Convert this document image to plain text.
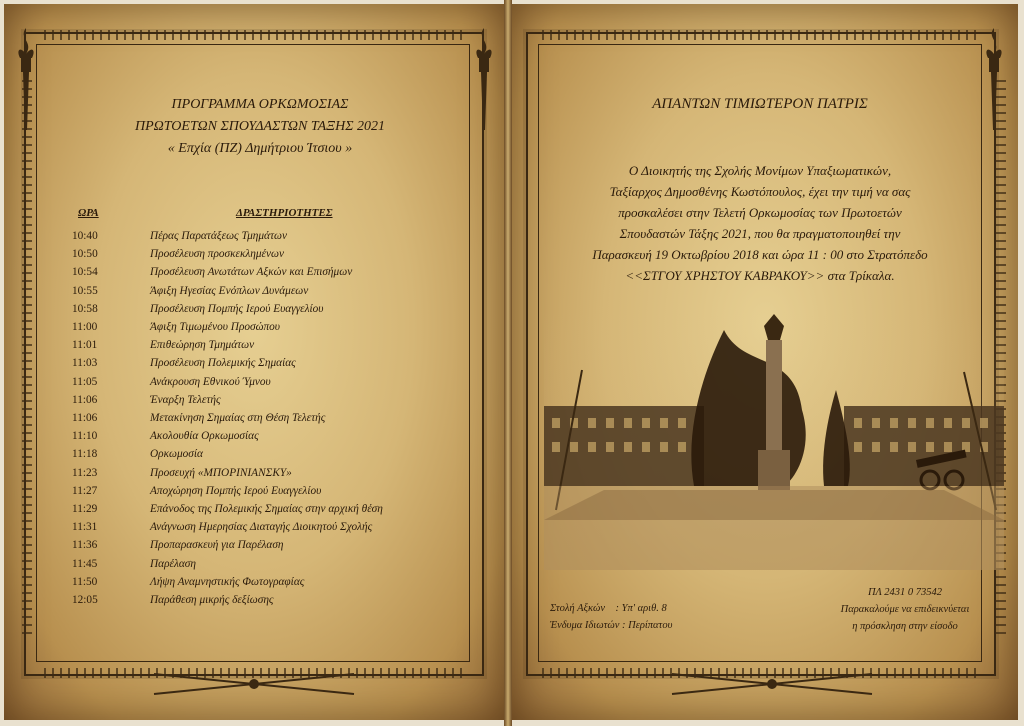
ΠΡΟΓΡΑΜΜΑ ΟΡΚΩΜΟΣΙΑΣ
ΠΡΩΤΟΕΤΩΝ ΣΠΟΥΔΑΣΤΩΝ ΤΑΞΗΣ 2021
« Επχία (ΠΖ) Δημήτριου Ίτσιου »
ΩΡΑ	ΔΡΑΣΤΗΡΙΟΤΗΤΕΣ
10:40	Πέρας Παρατάξεως Τμημάτων
10:50	Προσέλευση προσκεκλημένων
10:54	Προσέλευση Ανωτάτων Αξκών και Επισήμων
10:55	Άφιξη Ηγεσίας Ενόπλων Δυνάμεων
10:58	Προσέλευση Πομπής Ιερού Ευαγγελίου
11:00	Άφιξη Τιμωμένου Προσώπου
11:01	Επιθεώρηση Τμημάτων
11:03	Προσέλευση Πολεμικής Σημαίας
11:05	Ανάκρουση Εθνικού Ύμνου
11:06	Έναρξη Τελετής
11:06	Μετακίνηση Σημαίας στη Θέση Τελετής
11:10	Ακολουθία Ορκωμοσίας
11:18	Ορκωμοσία
11:23	Προσευχή «ΜΠΟΡΙΝΙΑΝΣΚΥ»
11:27	Αποχώρηση Πομπής Ιερού Ευαγγελίου
11:29	Επάνοδος της Πολεμικής Σημαίας στην αρχική θέση
11:31	Ανάγνωση Ημερησίας Διαταγής Διοικητού Σχολής
11:36	Προπαρασκευή για Παρέλαση
11:45	Παρέλαση
11:50	Λήψη Αναμνηστικής Φωτογραφίας
12:05	Παράθεση μικρής δεξίωσης
ΑΠΑΝΤΩΝ ΤΙΜΙΩΤΕΡΟΝ ΠΑΤΡΙΣ
Ο Διοικητής της Σχολής Μονίμων Υπαξιωματικών,
Ταξίαρχος Δημοσθένης Κωστόπουλος, έχει την τιμή να σας
προσκαλέσει στην Τελετή Ορκωμοσίας των Πρωτοετών
Σπουδαστών Τάξης 2021, που θα πραγματοποιηθεί την
Παρασκευή 19 Οκτωβρίου 2018 και ώρα 11 : 00 στο Στρατόπεδο
<<ΣΤΓΟΥ ΧΡΗΣΤΟΥ ΚΑΒΡΑΚΟΥ>> στα Τρίκαλα.
Στολή Αξκών : Υπ' αριθ. 8
Ένδυμα Ιδιωτών : Περίπατου
ΠΛ 2431 0 73542
Παρακαλούμε να επιδεικνύεται
η πρόσκληση στην είσοδο
